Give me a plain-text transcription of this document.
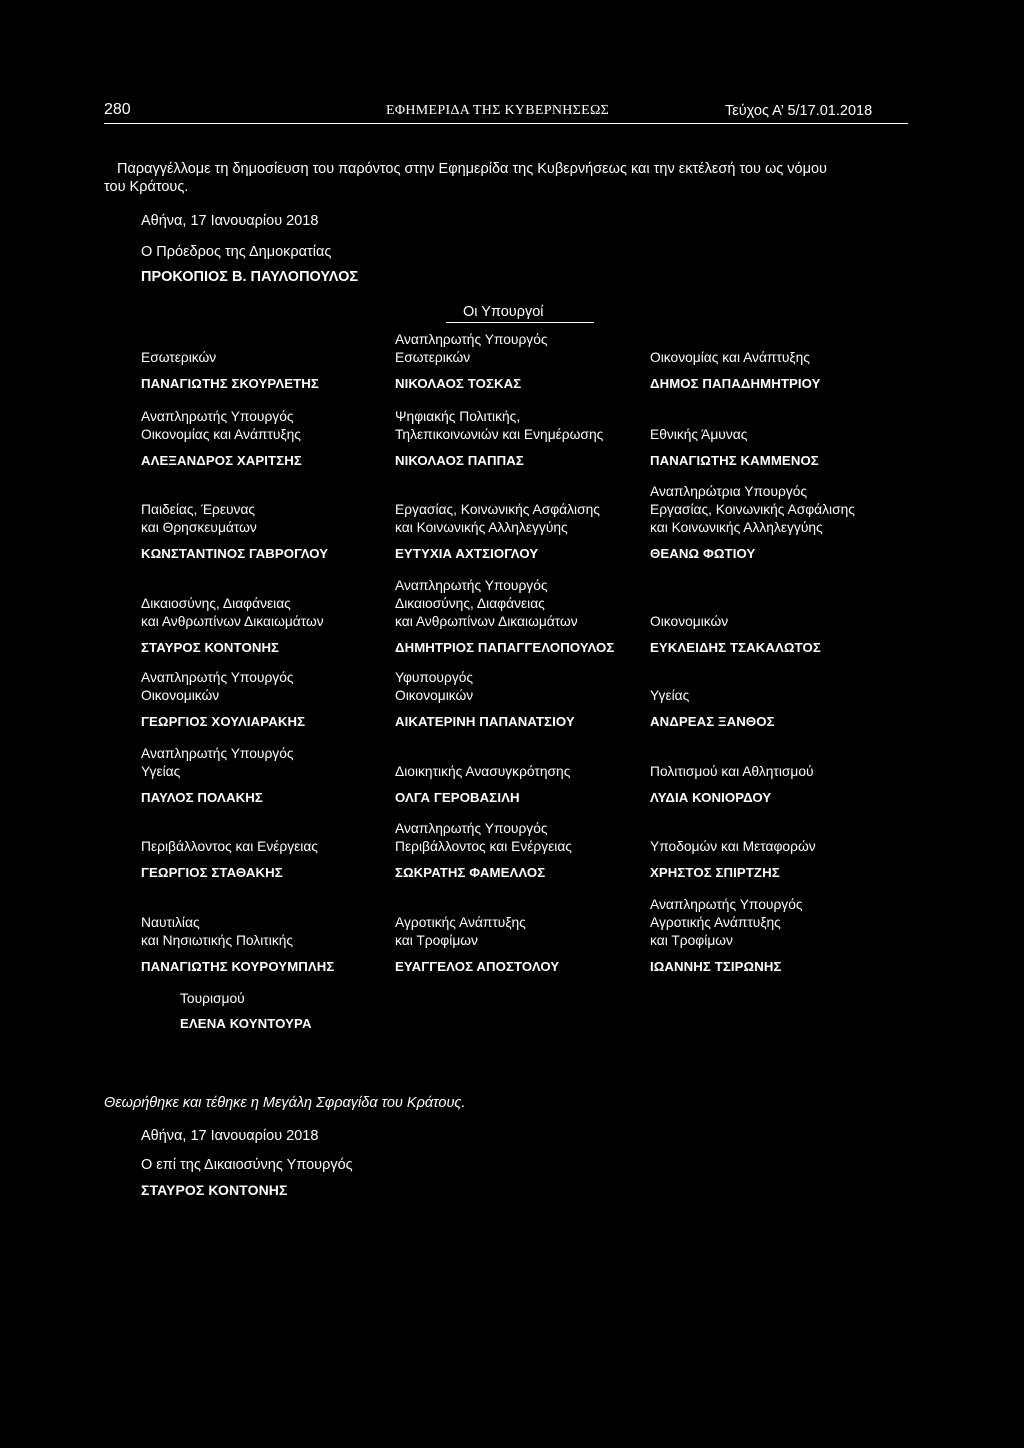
280	ΕΦΗΜΕΡΙΔΑ ΤΗΣ ΚΥΒΕΡΝΗΣΕΩΣ	Τεύχος Α’ 5/17.01.2018
Παραγγέλλομε τη δημοσίευση του παρόντος στην Εφημερίδα της Κυβερνήσεως και την εκτέλεσή του ως νόμου
του Κράτους.
Αθήνα, 17 Ιανουαρίου 2018
Ο Πρόεδρος της Δημοκρατίας
ΠΡΟΚΟΠΙΟΣ Β. ΠΑΥΛΟΠΟΥΛΟΣ
Οι Υπουργοί

Εσωτερικών
ΠΑΝΑΓΙΩΤΗΣ ΣΚΟΥΡΛΕΤΗΣ
Αναπληρωτής Υπουργός
Εσωτερικών
ΝΙΚΟΛΑΟΣ ΤΟΣΚΑΣ

Οικονομίας και Ανάπτυξης
ΔΗΜΟΣ ΠΑΠΑΔΗΜΗΤΡΙΟΥ
Αναπληρωτής Υπουργός
Οικονομίας και Ανάπτυξης
ΑΛΕΞΑΝΔΡΟΣ ΧΑΡΙΤΣΗΣ
Ψηφιακής Πολιτικής,
Τηλεπικοινωνιών και Ενημέρωσης
ΝΙΚΟΛΑΟΣ ΠΑΠΠΑΣ

Εθνικής Άμυνας
ΠΑΝΑΓΙΩΤΗΣ ΚΑΜΜΕΝΟΣ

Παιδείας, Έρευνας
και Θρησκευμάτων
ΚΩΝΣΤΑΝΤΙΝΟΣ ΓΑΒΡΟΓΛΟΥ

Εργασίας, Κοινωνικής Ασφάλισης
και Κοινωνικής Αλληλεγγύης
ΕΥΤΥΧΙΑ ΑΧΤΣΙΟΓΛΟΥ
Αναπληρώτρια Υπουργός
Εργασίας, Κοινωνικής Ασφάλισης
και Κοινωνικής Αλληλεγγύης
ΘΕΑΝΩ ΦΩΤΙΟΥ

Δικαιοσύνης, Διαφάνειας
και Ανθρωπίνων Δικαιωμάτων
ΣΤΑΥΡΟΣ ΚΟΝΤΟΝΗΣ
Αναπληρωτής Υπουργός
Δικαιοσύνης, Διαφάνειας
και Ανθρωπίνων Δικαιωμάτων
ΔΗΜΗΤΡΙΟΣ ΠΑΠΑΓΓΕΛΟΠΟΥΛΟΣ

Οικονομικών
ΕΥΚΛΕΙΔΗΣ ΤΣΑΚΑΛΩΤΟΣ
Αναπληρωτής Υπουργός
Οικονομικών
ΓΕΩΡΓΙΟΣ ΧΟΥΛΙΑΡΑΚΗΣ
Υφυπουργός
Οικονομικών
ΑΙΚΑΤΕΡΙΝΗ ΠΑΠΑΝΑΤΣΙΟΥ

Υγείας
ΑΝΔΡΕΑΣ ΞΑΝΘΟΣ
Αναπληρωτής Υπουργός
Υγείας
ΠΑΥΛΟΣ ΠΟΛΑΚΗΣ

Διοικητικής Ανασυγκρότησης
ΟΛΓΑ ΓΕΡΟΒΑΣΙΛΗ

Πολιτισμού και Αθλητισμού
ΛΥΔΙΑ ΚΟΝΙΟΡΔΟΥ

Περιβάλλοντος και Ενέργειας
ΓΕΩΡΓΙΟΣ ΣΤΑΘΑΚΗΣ
Αναπληρωτής Υπουργός
Περιβάλλοντος και Ενέργειας
ΣΩΚΡΑΤΗΣ ΦΑΜΕΛΛΟΣ

Υποδομών και Μεταφορών
ΧΡΗΣΤΟΣ ΣΠΙΡΤΖΗΣ

Ναυτιλίας
και Νησιωτικής Πολιτικής
ΠΑΝΑΓΙΩΤΗΣ ΚΟΥΡΟΥΜΠΛΗΣ

Αγροτικής Ανάπτυξης
και Τροφίμων
ΕΥΑΓΓΕΛΟΣ ΑΠΟΣΤΟΛΟΥ
Αναπληρωτής Υπουργός
Αγροτικής Ανάπτυξης
και Τροφίμων
ΙΩΑΝΝΗΣ ΤΣΙΡΩΝΗΣ
Τουρισμού
ΕΛΕΝΑ ΚΟΥΝΤΟΥΡΑ
Θεωρήθηκε και τέθηκε η Μεγάλη Σφραγίδα του Κράτους.
Αθήνα, 17 Ιανουαρίου 2018
Ο επί της Δικαιοσύνης Υπουργός
ΣΤΑΥΡΟΣ ΚΟΝΤΟΝΗΣ
